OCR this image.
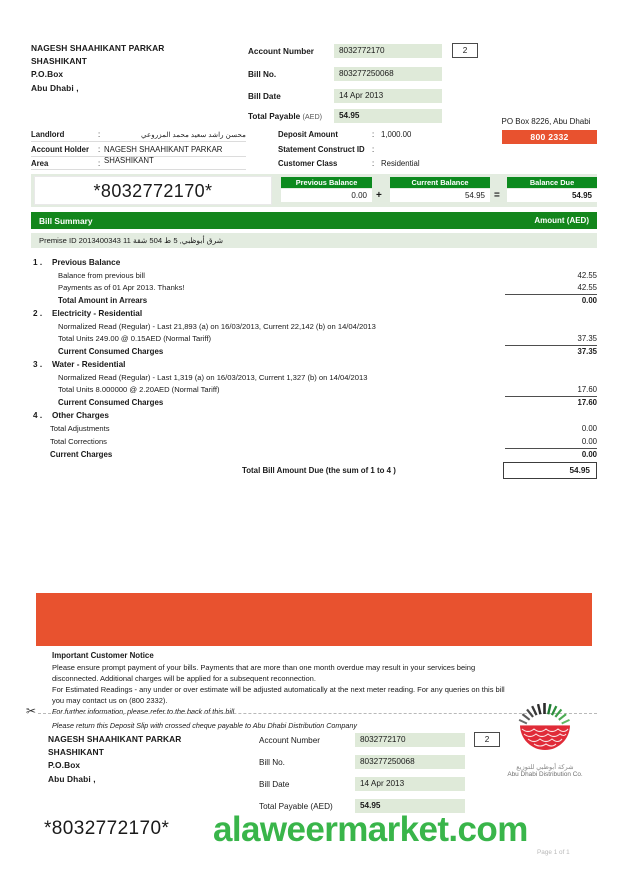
NAGESH SHAAHIKANT PARKAR
SHASHIKANT
P.O.Box
Abu Dhabi ,
Account Number	8032772170	2
Bill No.	803277250068
Bill Date	14 Apr 2013
Total Payable (AED)	54.95
PO Box 8226, Abu Dhabi
800 2332
Landlord	:	محسن راشد سعيد محمد المزروعي
Account Holder : NAGESH SHAAHIKANT PARKAR
Area	: SHASHIKANT
Deposit Amount	: 1,000.00
Statement Construct ID :
Customer Class	: Residential
*8032772170*	Previous Balance
0.00 +
Current Balance
54.95 =
Balance Due
54.95
Bill Summary	Amount (AED)
Premise ID 2013400343 11 شرق أبوظبي, 5 ط 504 شقة
1 . Previous Balance
Balance from previous bill	42.55
Payments as of 01 Apr 2013. Thanks!	42.55
Total Amount in Arrears	0.00
2 . Electricity - Residential
Normalized Read (Regular) - Last 21,893 (a) on 16/03/2013, Current 22,142 (b) on 14/04/2013
Total Units 249.00 @ 0.15AED (Normal Tariff)	37.35
Current Consumed Charges	37.35
3 . Water - Residential
Normalized Read (Regular) - Last 1,319 (a) on 16/03/2013, Current 1,327 (b) on 14/04/2013
Total Units 8.000000 @ 2.20AED (Normal Tariff)	17.60
Current Consumed Charges	17.60
4 . Other Charges
Total Adjustments	0.00
Total Corrections	0.00
Current Charges	0.00
Total Bill Amount Due (the sum of 1 to 4 )	54.95
Important Customer Notice
Please ensure prompt payment of your bills. Payments that are more than one month overdue may result in your services being
disconnected. Additional charges will be applied for a subsequent reconnection.
For Estimated Readings - any under or over estimate will be adjusted automatically at the next meter reading. For any queries on this bill
you may contact us on (800 2332).
For further information, please refer to the back of this bill.
✂
Please return this Deposit Slip with crossed cheque payable to Abu Dhabi Distribution Company
NAGESH SHAAHIKANT PARKAR
SHASHIKANT
P.O.Box
Abu Dhabi ,
Account Number	8032772170	2
Bill No.	803277250068
Bill Date	14 Apr 2013
Total Payable (AED)	54.95
شركة أبوظبي للتوزيع
Abu Dhabi Distribution Co.
*8032772170* alaweermarket.com
Page 1 of 1
